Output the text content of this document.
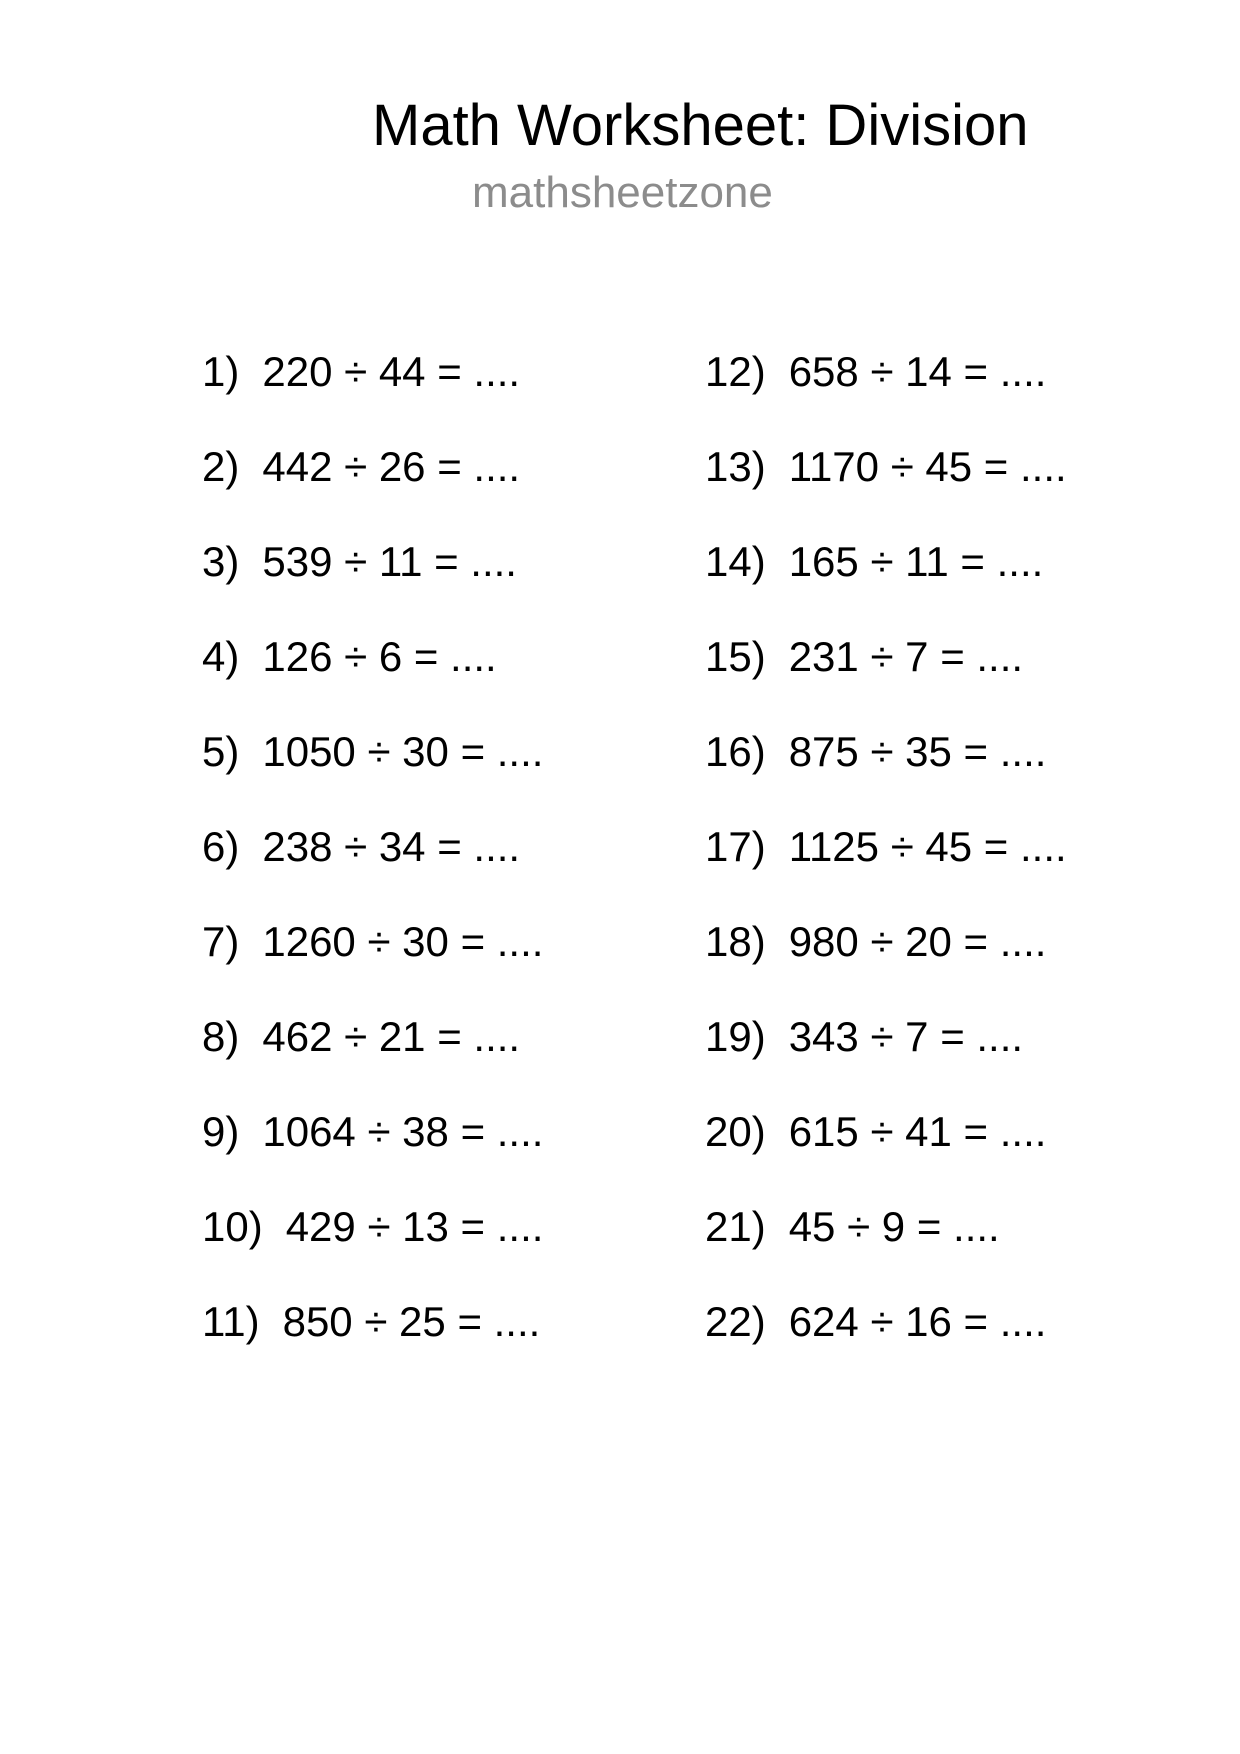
Math Worksheet: Division
mathsheetzone
1) 220 ÷ 44 = ....
2) 442 ÷ 26 = ....
3) 539 ÷ 11 = ....
4) 126 ÷ 6 = ....
5) 1050 ÷ 30 = ....
6) 238 ÷ 34 = ....
7) 1260 ÷ 30 = ....
8) 462 ÷ 21 = ....
9) 1064 ÷ 38 = ....
10) 429 ÷ 13 = ....
11) 850 ÷ 25 = ....
12) 658 ÷ 14 = ....
13) 1170 ÷ 45 = ....
14) 165 ÷ 11 = ....
15) 231 ÷ 7 = ....
16) 875 ÷ 35 = ....
17) 1125 ÷ 45 = ....
18) 980 ÷ 20 = ....
19) 343 ÷ 7 = ....
20) 615 ÷ 41 = ....
21) 45 ÷ 9 = ....
22) 624 ÷ 16 = ....
